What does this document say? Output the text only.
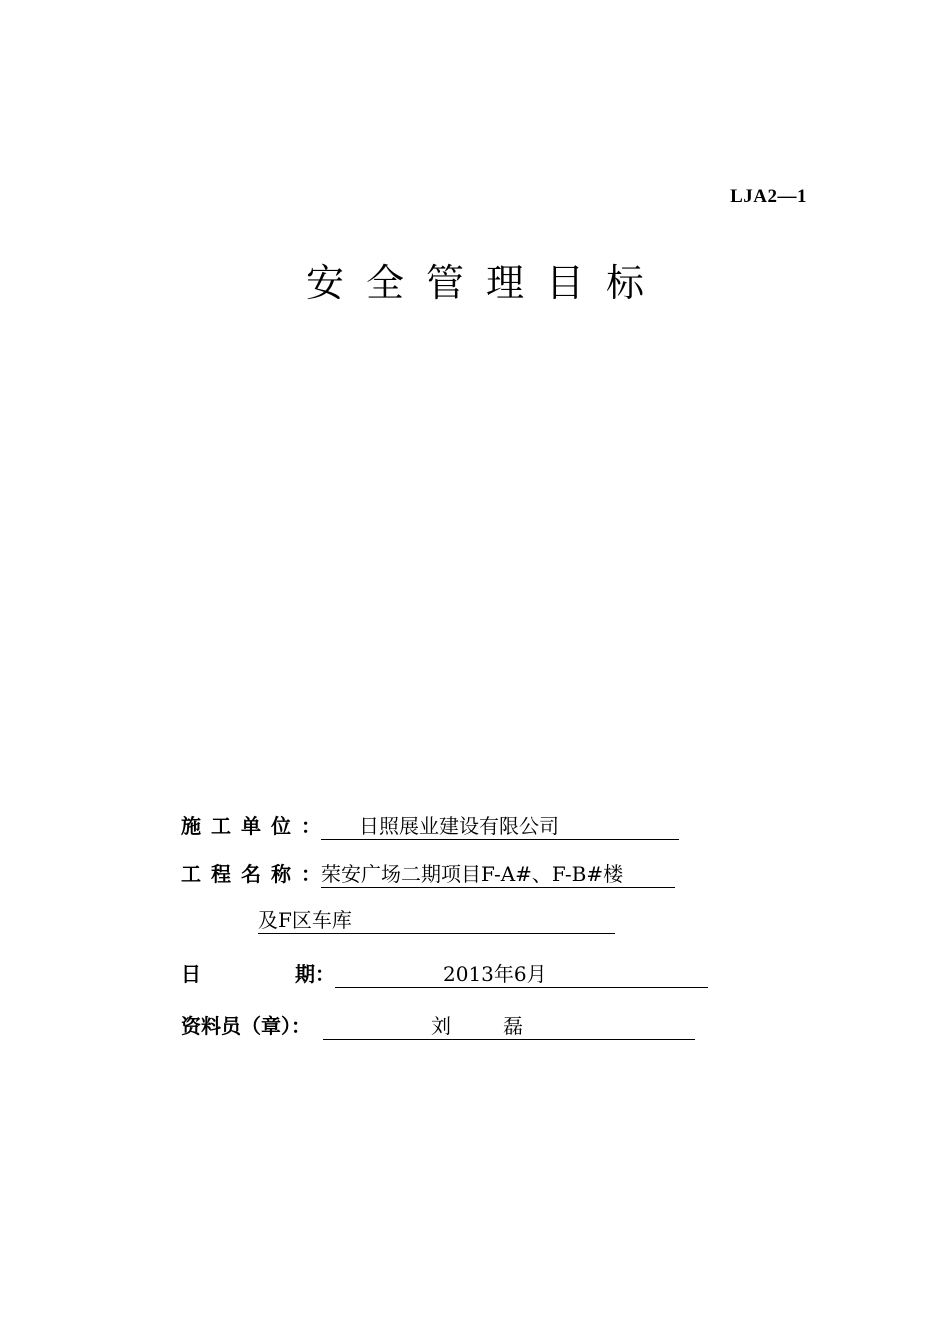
LJA2—1
安全管理目标
施工单位：	日照展业建设有限公司
工程名称： 荣安广场二期项目F-A#、F-B#楼
及F区车库
日	期：	2013年6月
资料员（章）：	刘	磊
